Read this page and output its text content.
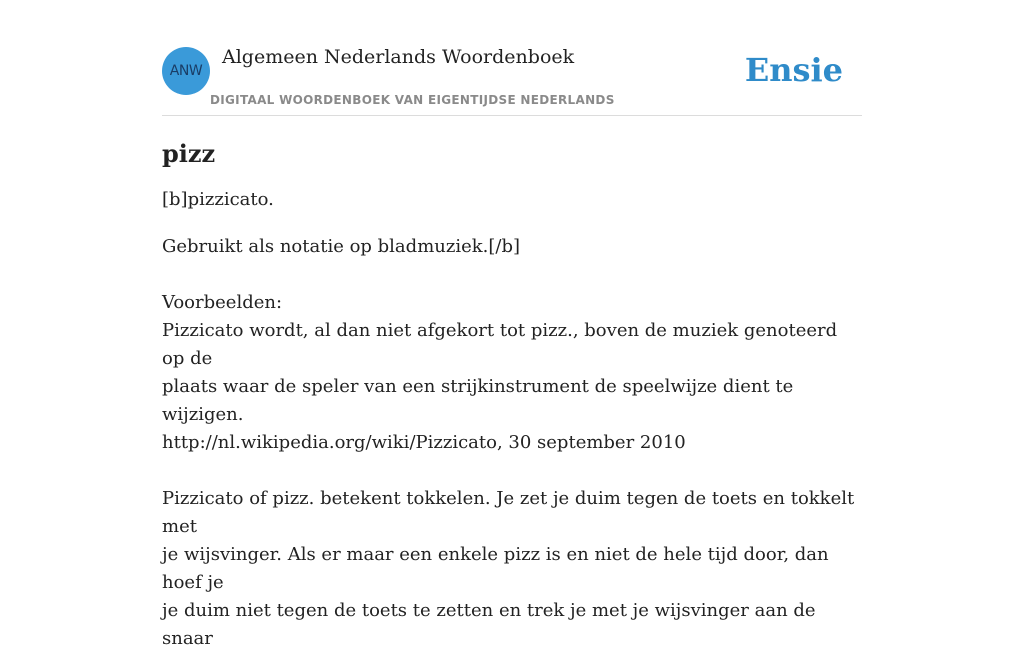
ANW
Algemeen Nederlands Woordenboek
DIGITAAL WOORDENBOEK VAN EIGENTIJDSE NEDERLANDS
Ensie
pizz

[b]pizzicato.

Gebruikt als notatie op bladmuziek.[/b]

Voorbeelden:

Pizzicato wordt, al dan niet afgekort tot pizz., boven de muziek genoteerd op de

plaats waar de speler van een strijkinstrument de speelwijze dient te wijzigen.

http://nl.wikipedia.org/wiki/Pizzicato, 30 september 2010

Pizzicato of pizz. betekent tokkelen. Je zet je duim tegen de toets en tokkelt met

je wijsvinger. Als er maar een enkele pizz is en niet de hele tijd door, dan hoef je

je duim niet tegen de toets te zetten en trek je met je wijsvinger aan de snaar
